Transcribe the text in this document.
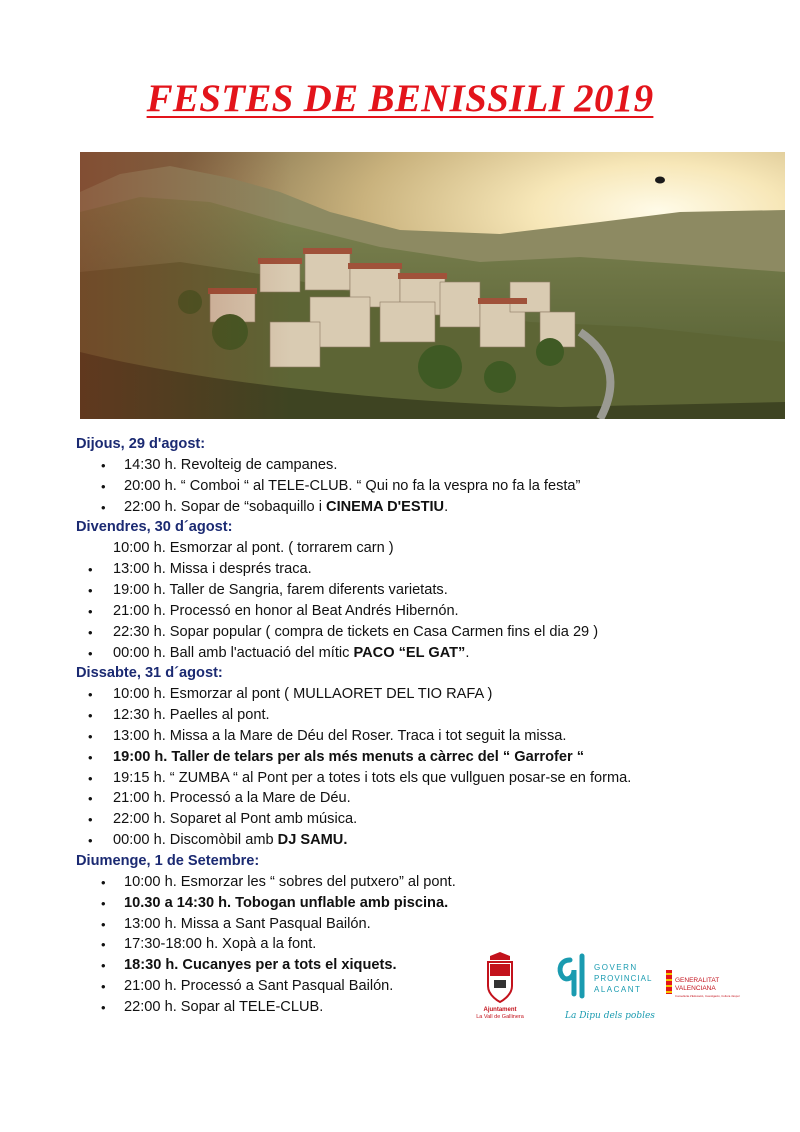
FESTES DE BENISSILI 2019
Dijous, 29 d'agost:
• 14:30 h. Revolteig de campanes.
• 20:00 h. “ Comboi “ al TELE-CLUB. “ Qui no fa la vespra no fa la festa”
• 22:00 h. Sopar de “sobaquillo i CINEMA D'ESTIU.
Divendres, 30 d´agost:
10:00 h. Esmorzar al pont. ( torrarem carn )
• 13:00 h. Missa i després traca.
• 19:00 h. Taller de Sangria, farem diferents varietats.
• 21:00 h. Processó en honor al Beat Andrés Hibernón.
• 22:30 h. Sopar popular ( compra de tickets en Casa Carmen fins el dia 29 )
• 00:00 h. Ball amb l'actuació del mític PACO “EL GAT”.
Dissabte, 31 d´agost:
• 10:00 h. Esmorzar al pont ( MULLAORET DEL TIO RAFA )
• 12:30 h. Paelles al pont.
• 13:00 h. Missa a la Mare de Déu del Roser. Traca i tot seguit la missa.
• 19:00 h. Taller de telars per als més menuts a càrrec del “ Garrofer “
• 19:15 h. “ ZUMBA “ al Pont per a totes i tots els que vullguen posar-se en forma.
• 21:00 h. Processó a la Mare de Déu.
• 22:00 h. Soparet al Pont amb música.
• 00:00 h. Discomòbil amb DJ SAMU.
Diumenge, 1 de Setembre:
• 10:00 h. Esmorzar les “ sobres del putxero” al pont.
• 10.30 a 14:30 h. Tobogan unflable amb piscina.
• 13:00 h. Missa a Sant Pasqual Bailón.
• 17:30-18:00 h. Xopà a la font.
• 18:30 h. Cucanyes per a tots el xiquets.
• 21:00 h. Processó a Sant Pasqual Bailón.
• 22:00 h. Sopar al TELE-CLUB.	Ajuntament
La Vall de Gallinera
GOVERN
PROVINCIAL
ALACANT
La Dipu dels pobles
GENERALITAT
VALENCIANA
Conselleria d'Educació, Investigació, Cultura i Esport
